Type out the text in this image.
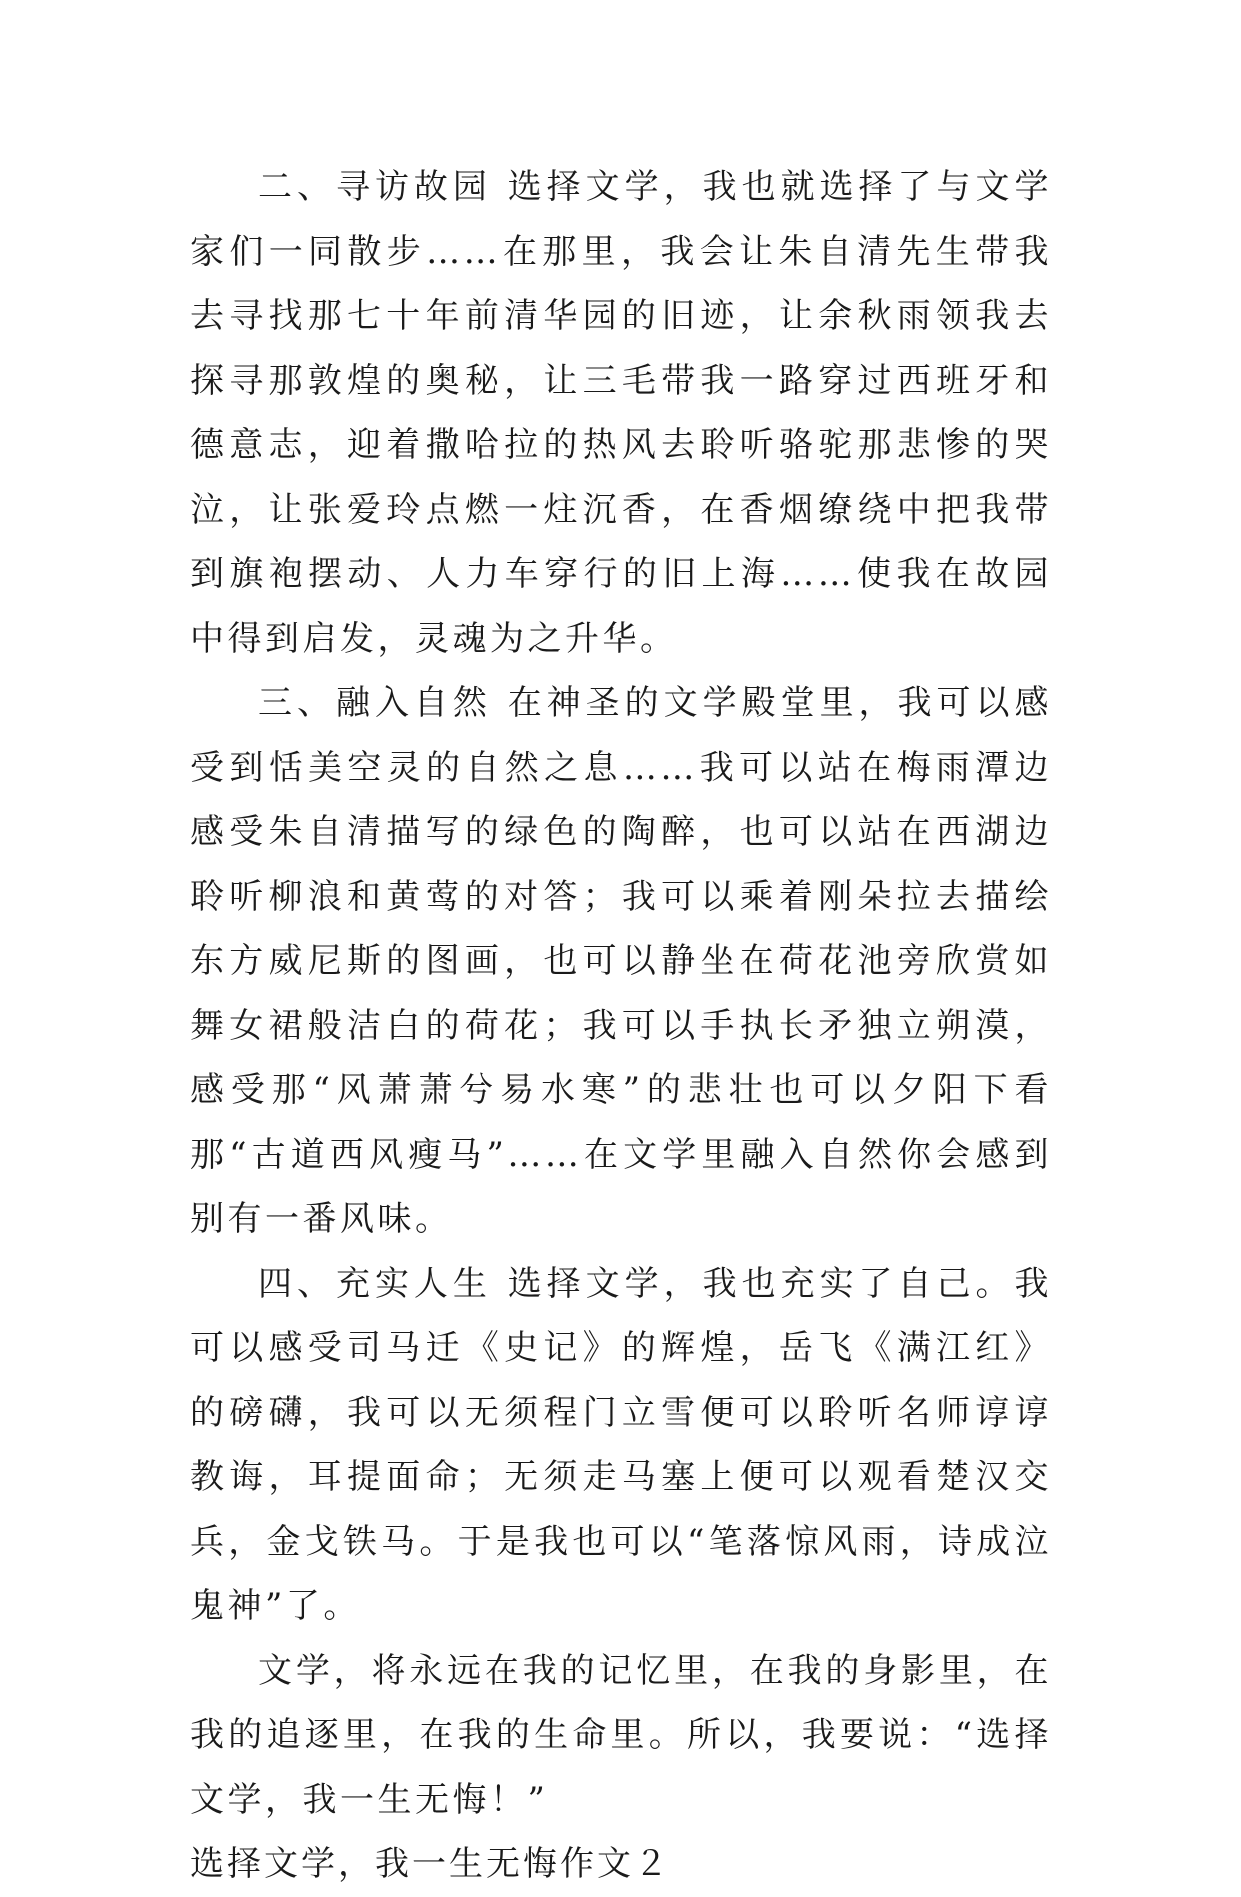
二、寻访故园 选择文学，我也就选择了与文学家们一同散步……在那里，我会让朱自清先生带我去寻找那七十年前清华园的旧迹，让余秋雨领我去探寻那敦煌的奥秘，让三毛带我一路穿过西班牙和德意志，迎着撒哈拉的热风去聆听骆驼那悲惨的哭泣，让张爱玲点燃一炷沉香，在香烟缭绕中把我带到旗袍摆动、人力车穿行的旧上海……使我在故园中得到启发，灵魂为之升华。

三、融入自然 在神圣的文学殿堂里，我可以感受到恬美空灵的自然之息……我可以站在梅雨潭边感受朱自清描写的绿色的陶醉，也可以站在西湖边聆听柳浪和黄莺的对答；我可以乘着刚朵拉去描绘东方威尼斯的图画，也可以静坐在荷花池旁欣赏如舞女裙般洁白的荷花；我可以手执长矛独立朔漠，感受那“风萧萧兮易水寒”的悲壮也可以夕阳下看那“古道西风瘦马”……在文学里融入自然你会感到别有一番风味。

四、充实人生 选择文学，我也充实了自己。我可以感受司马迁《史记》的辉煌，岳飞《满江红》的磅礴，我可以无须程门立雪便可以聆听名师谆谆教诲，耳提面命；无须走马塞上便可以观看楚汉交兵，金戈铁马。于是我也可以“笔落惊风雨，诗成泣鬼神”了。

文学，将永远在我的记忆里，在我的身影里，在我的追逐里，在我的生命里。所以，我要说：“选择文学，我一生无悔！”

选择文学，我一生无悔作文２
